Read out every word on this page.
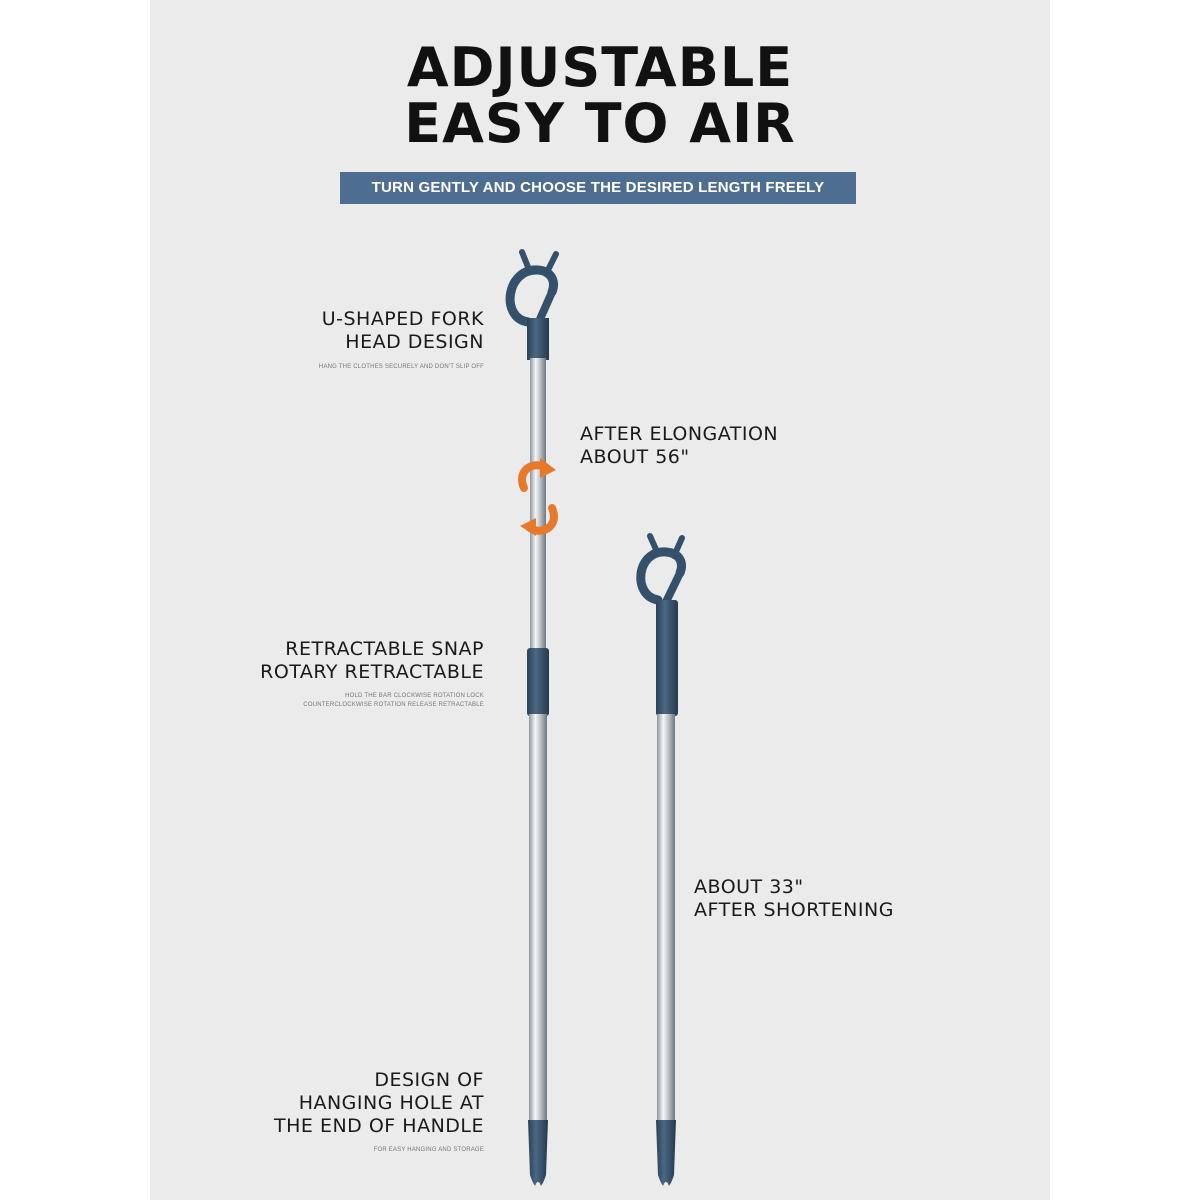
ADJUSTABLE
EASY TO AIR
TURN GENTLY AND CHOOSE THE DESIRED LENGTH FREELY
U-SHAPED FORK
HEAD DESIGN
HANG THE CLOTHES SECURELY AND DON'T SLIP OFF
RETRACTABLE SNAP
ROTARY RETRACTABLE
HOLD THE BAR CLOCKWISE ROTATION LOCK
COUNTERCLOCKWISE ROTATION RELEASE RETRACTABLE
DESIGN OF
HANGING HOLE AT
THE END OF HANDLE
FOR EASY HANGING AND STORAGE
AFTER ELONGATION
ABOUT 56"
ABOUT 33"
AFTER SHORTENING
